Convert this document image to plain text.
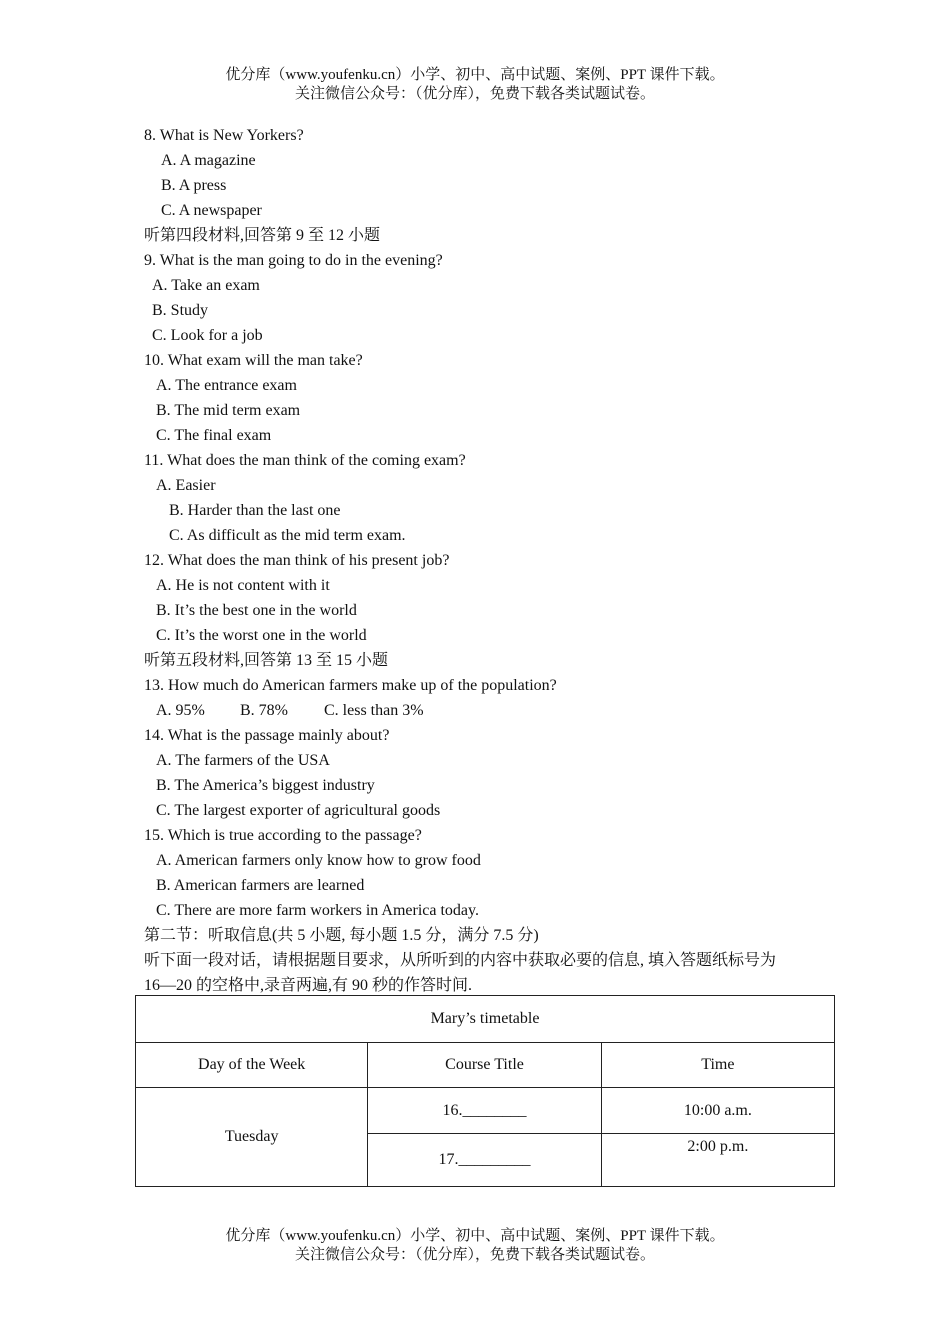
优分库（www.youfenku.cn）小学、初中、高中试题、案例、PPT 课件下载。
关注微信公众号：（优分库），免费下载各类试题试卷。
8. What is New Yorkers?
A. A magazine
B. A press
C. A newspaper
听第四段材料,回答第 9 至 12 小题
9. What is the man going to do in the evening?
A. Take an exam
B. Study
C. Look for a job
10. What exam will the man take?
A. The entrance exam
B. The mid term exam
C. The final exam
11. What does the man think of the coming exam?
A. Easier
B. Harder than the last one
C. As difficult as the mid term exam.
12. What does the man think of his present job?
A. He is not content with it
B. It’s the best one in the world
C. It’s the worst one in the world
听第五段材料,回答第 13 至 15 小题
13. How much do American farmers make up of the population?
A. 95% B. 78% C. less than 3%
14. What is the passage mainly about?
A. The farmers of the USA
B. The America’s biggest industry
C. The largest exporter of agricultural goods
15. Which is true according to the passage?
A. American farmers only know how to grow food
B. American farmers are learned
C. There are more farm workers in America today.
第二节：听取信息(共 5 小题, 每小题 1.5 分，满分 7.5 分)
听下面一段对话，请根据题目要求，从所听到的内容中获取必要的信息, 填入答题纸标号为
16—20 的空格中,录音两遍,有 90 秒的作答时间.
Mary’s timetable		
Day of the Week	Course Title	Time
Tuesday	16.________	10:00 a.m.
	17._________	2:00 p.m.
优分库（www.youfenku.cn）小学、初中、高中试题、案例、PPT 课件下载。
关注微信公众号：（优分库），免费下载各类试题试卷。
